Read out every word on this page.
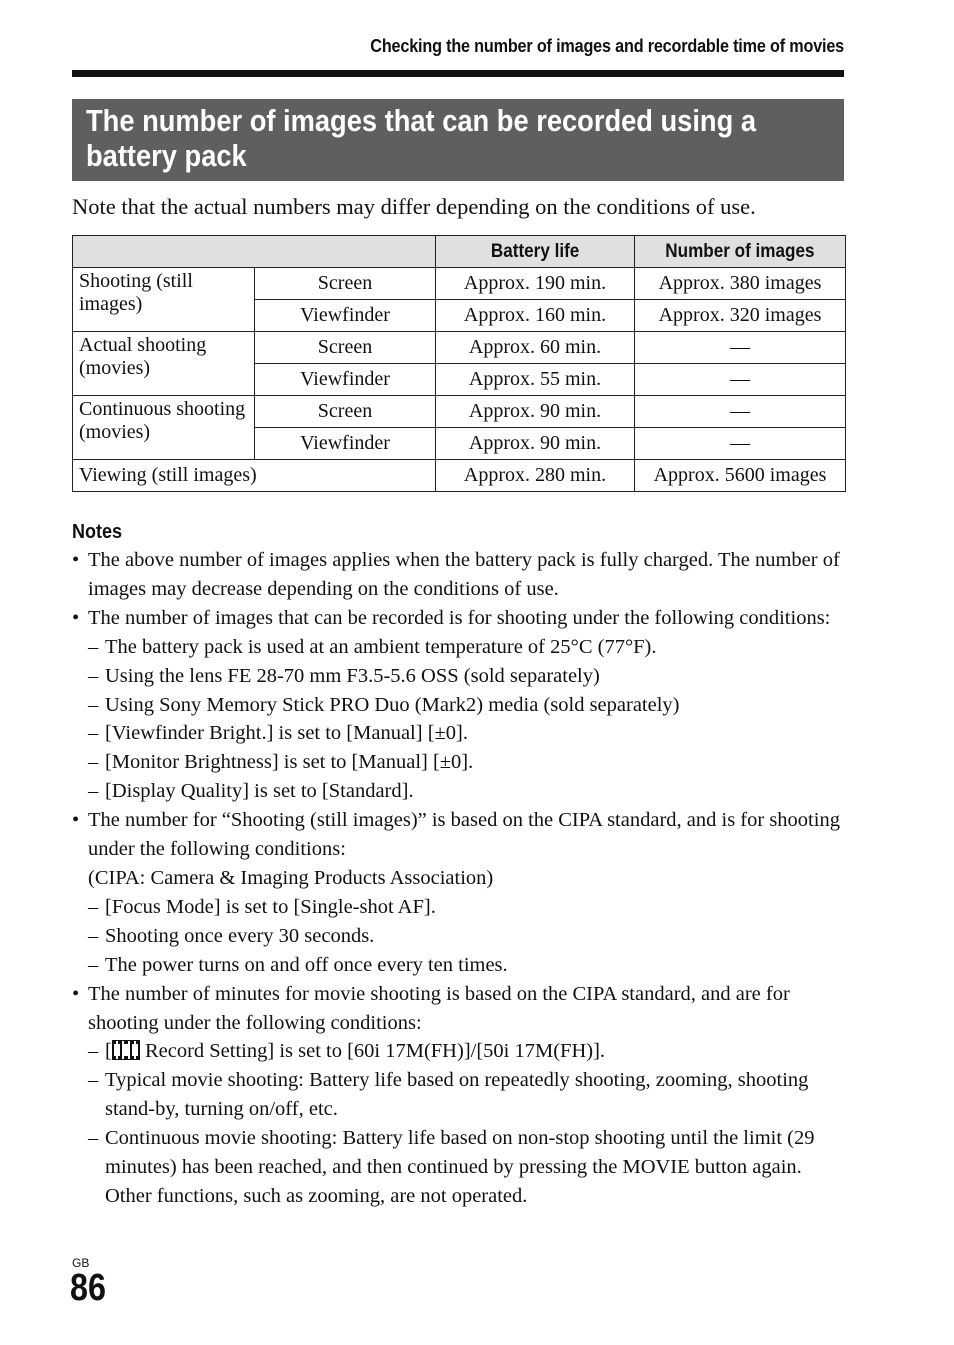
Checking the number of images and recordable time of movies
The number of images that can be recorded using a battery pack
Note that the actual numbers may differ depending on the conditions of use.
		Battery life	Number of images
Shooting (still images)	Screen	Approx. 190 min.	Approx. 380 images
	Viewfinder	Approx. 160 min.	Approx. 320 images
Actual shooting (movies)	Screen	Approx. 60 min.	—
	Viewfinder	Approx. 55 min.	—
Continuous shooting (movies)	Screen	Approx. 90 min.	—
	Viewfinder	Approx. 90 min.	—
Viewing (still images)		Approx. 280 min.	Approx. 5600 images
Notes
• The above number of images applies when the battery pack is fully charged. The number of images may decrease depending on the conditions of use.
• The number of images that can be recorded is for shooting under the following conditions:
– The battery pack is used at an ambient temperature of 25°C (77°F).
– Using the lens FE 28-70 mm F3.5-5.6 OSS (sold separately)
– Using Sony Memory Stick PRO Duo (Mark2) media (sold separately)
– [Viewfinder Bright.] is set to [Manual] [±0].
– [Monitor Brightness] is set to [Manual] [±0].
– [Display Quality] is set to [Standard].
• The number for “Shooting (still images)” is based on the CIPA standard, and is for shooting under the following conditions:
(CIPA: Camera & Imaging Products Association)
– [Focus Mode] is set to [Single-shot AF].
– Shooting once every 30 seconds.
– The power turns on and off once every ten times.
• The number of minutes for movie shooting is based on the CIPA standard, and are for shooting under the following conditions:
– [ Record Setting] is set to [60i 17M(FH)]/[50i 17M(FH)].
– Typical movie shooting: Battery life based on repeatedly shooting, zooming, shooting stand-by, turning on/off, etc.
– Continuous movie shooting: Battery life based on non-stop shooting until the limit (29 minutes) has been reached, and then continued by pressing the MOVIE button again. Other functions, such as zooming, are not operated.
GB
86
